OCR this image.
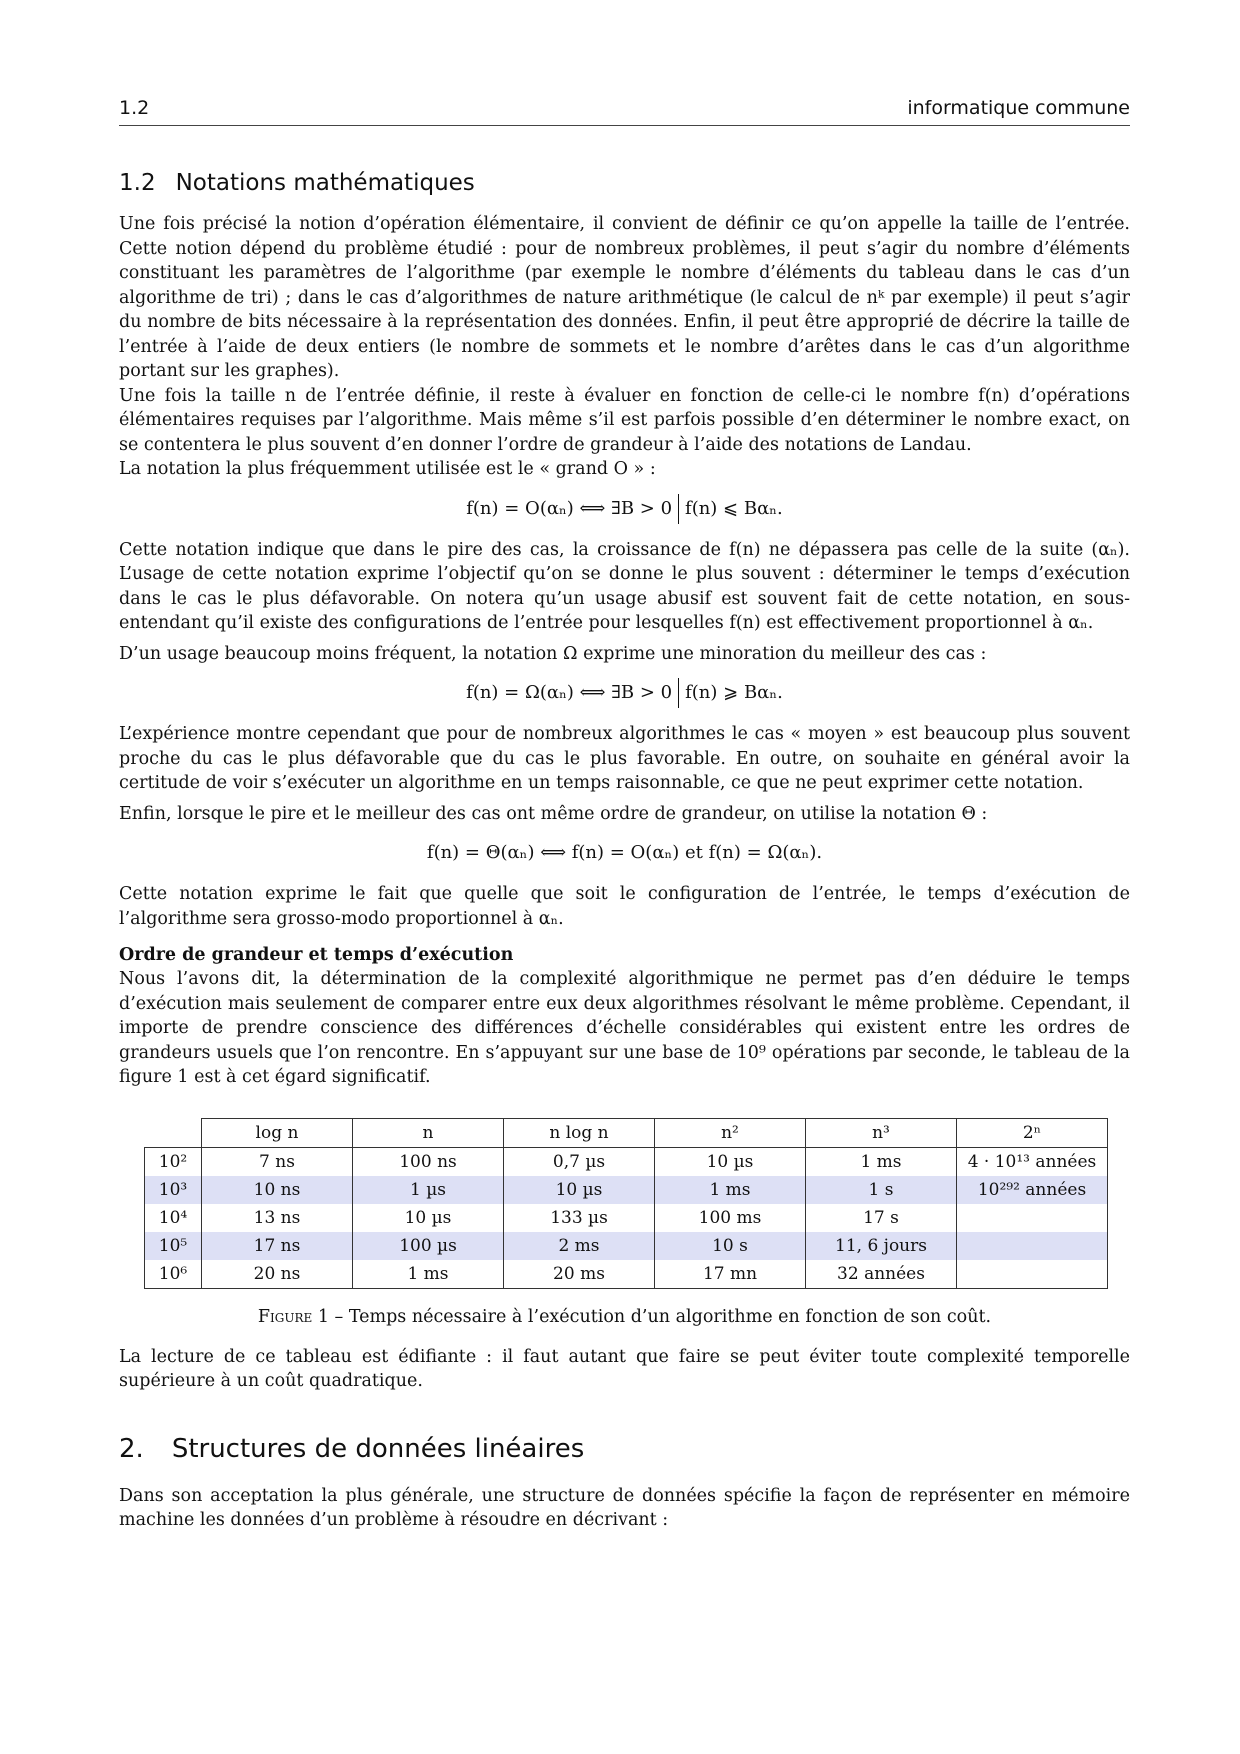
1.2	informatique commune
1.2 Notations mathématiques

Une fois précisé la notion d’opération élémentaire, il convient de définir ce qu’on appelle la taille de l’entrée. Cette notion dépend du problème étudié : pour de nombreux problèmes, il peut s’agir du nombre d’éléments constituant les paramètres de l’algorithme (par exemple le nombre d’éléments du tableau dans le cas d’un algorithme de tri) ; dans le cas d’algorithmes de nature arithmétique (le calcul de nᵏ par exemple) il peut s’agir du nombre de bits nécessaire à la représentation des données. Enfin, il peut être approprié de décrire la taille de l’entrée à l’aide de deux entiers (le nombre de sommets et le nombre d’arêtes dans le cas d’un algorithme portant sur les graphes).

Une fois la taille n de l’entrée définie, il reste à évaluer en fonction de celle-ci le nombre f(n) d’opérations élémentaires requises par l’algorithme. Mais même s’il est parfois possible d’en déterminer le nombre exact, on se contentera le plus souvent d’en donner l’ordre de grandeur à l’aide des notations de Landau.

La notation la plus fréquemment utilisée est le « grand O » :

f(n) = O(αₙ) ⟺ ∃B > 0 f(n) ⩽ Bαₙ.

Cette notation indique que dans le pire des cas, la croissance de f(n) ne dépassera pas celle de la suite (αₙ). L’usage de cette notation exprime l’objectif qu’on se donne le plus souvent : déterminer le temps d’exécution dans le cas le plus défavorable. On notera qu’un usage abusif est souvent fait de cette notation, en sous-entendant qu’il existe des configurations de l’entrée pour lesquelles f(n) est effectivement proportionnel à αₙ.

D’un usage beaucoup moins fréquent, la notation Ω exprime une minoration du meilleur des cas :

f(n) = Ω(αₙ) ⟺ ∃B > 0 f(n) ⩾ Bαₙ.

L’expérience montre cependant que pour de nombreux algorithmes le cas « moyen » est beaucoup plus souvent proche du cas le plus défavorable que du cas le plus favorable. En outre, on souhaite en général avoir la certitude de voir s’exécuter un algorithme en un temps raisonnable, ce que ne peut exprimer cette notation.

Enfin, lorsque le pire et le meilleur des cas ont même ordre de grandeur, on utilise la notation Θ :

f(n) = Θ(αₙ) ⟺ f(n) = O(αₙ) et f(n) = Ω(αₙ).

Cette notation exprime le fait que quelle que soit le configuration de l’entrée, le temps d’exécution de l’algorithme sera grosso-modo proportionnel à αₙ.

Ordre de grandeur et temps d’exécution

Nous l’avons dit, la détermination de la complexité algorithmique ne permet pas d’en déduire le temps d’exécution mais seulement de comparer entre eux deux algorithmes résolvant le même problème. Cependant, il importe de prendre conscience des différences d’échelle considérables qui existent entre les ordres de grandeurs usuels que l’on rencontre. En s’appuyant sur une base de 10⁹ opérations par seconde, le tableau de la figure 1 est à cet égard significatif.

	log n	n	n log n	n²	n³	2ⁿ
10²	7 ns	100 ns	0,7 µs	10 µs	1 ms	4 · 10¹³ années
10³	10 ns	1 µs	10 µs	1 ms	1 s	10²⁹² années
10⁴	13 ns	10 µs	133 µs	100 ms	17 s	
10⁵	17 ns	100 µs	2 ms	10 s	11, 6 jours	
10⁶	20 ns	1 ms	20 ms	17 mn	32 années	
Figure 1 – Temps nécessaire à l’exécution d’un algorithme en fonction de son coût.

La lecture de ce tableau est édifiante : il faut autant que faire se peut éviter toute complexité temporelle supérieure à un coût quadratique.

2. Structures de données linéaires

Dans son acceptation la plus générale, une structure de données spécifie la façon de représenter en mémoire machine les données d’un problème à résoudre en décrivant :
